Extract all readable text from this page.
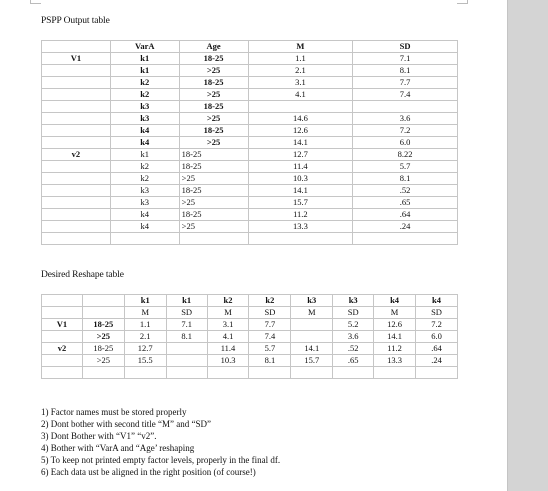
PSPP Output table
	VarA	Age	M	SD
V1	k1	18-25	1.1	7.1
	k1	>25	2.1	8.1
	k2	18-25	3.1	7.7
	k2	>25	4.1	7.4
	k3	18-25		
	k3	>25	14.6	3.6
	k4	18-25	12.6	7.2
	k4	>25	14.1	6.0
v2	k1	18-25	12.7	8.22
	k2	18-25	11.4	5.7
	k2	>25	10.3	8.1
	k3	18-25	14.1	.52
	k3	>25	15.7	.65
	k4	18-25	11.2	.64
	k4	>25	13.3	.24

Desired Reshape table
		k1	k1	k2	k2	k3	k3	k4	k4
		M	SD	M	SD	M	SD	M	SD
V1	18-25	1.1	7.1	3.1	7.7		5.2	12.6	7.2
	>25	2.1	8.1	4.1	7.4		3.6	14.1	6.0
v2	18-25	12.7		11.4	5.7	14.1	.52	11.2	.64
	>25	15.5		10.3	8.1	15.7	.65	13.3	.24

1) Factor names must be stored properly
2) Dont bother with second title “M” and “SD”
3) Dont Bother with “V1” “v2”.
4) Bother with “VarA and “Age’ reshaping
5) To keep not printed empty factor levels, properly in the final df.
6) Each data ust be aligned in the right position (of course!)
